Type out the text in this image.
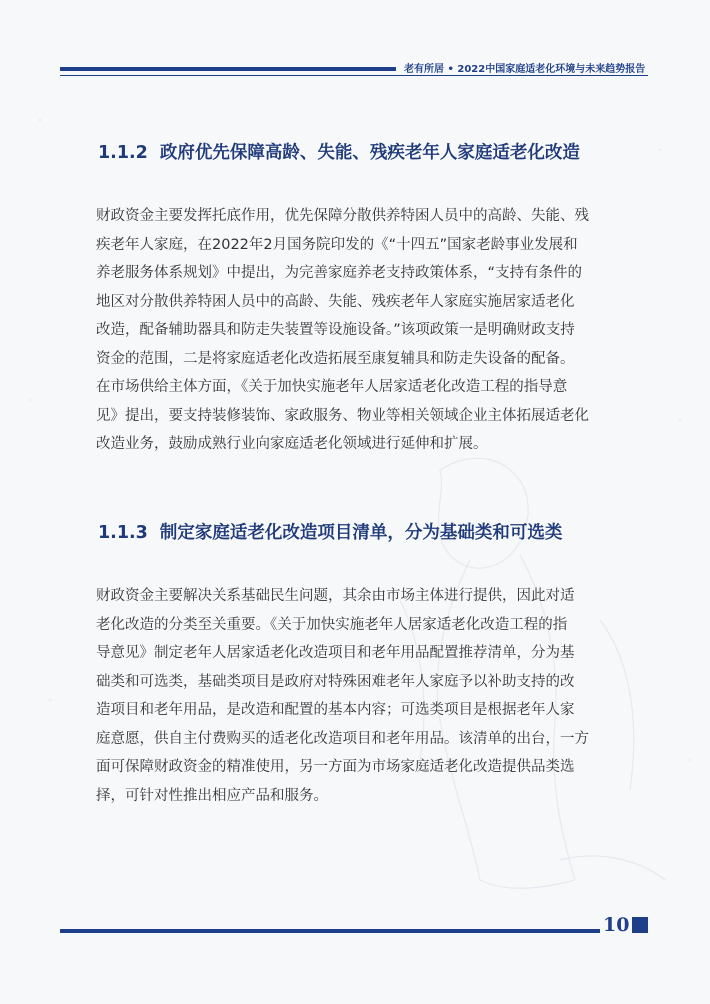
老有所居 • 2022中国家庭适老化环境与未来趋势报告
1.1.2 政府优先保障高龄、失能、残疾老年人家庭适老化改造
财政资金主要发挥托底作用，优先保障分散供养特困人员中的高龄、失能、残
疾老年人家庭，在2022年2月国务院印发的《“十四五”国家老龄事业发展和
养老服务体系规划》中提出，为完善家庭养老支持政策体系，“支持有条件的
地区对分散供养特困人员中的高龄、失能、残疾老年人家庭实施居家适老化
改造，配备辅助器具和防走失装置等设施设备。”该项政策一是明确财政支持
资金的范围，二是将家庭适老化改造拓展至康复辅具和防走失设备的配备。
在市场供给主体方面，《关于加快实施老年人居家适老化改造工程的指导意
见》提出，要支持装修装饰、家政服务、物业等相关领域企业主体拓展适老化
改造业务，鼓励成熟行业向家庭适老化领域进行延伸和扩展。
1.1.3 制定家庭适老化改造项目清单，分为基础类和可选类
财政资金主要解决关系基础民生问题，其余由市场主体进行提供，因此对适
老化改造的分类至关重要。《关于加快实施老年人居家适老化改造工程的指
导意见》制定老年人居家适老化改造项目和老年用品配置推荐清单，分为基
础类和可选类，基础类项目是政府对特殊困难老年人家庭予以补助支持的改
造项目和老年用品，是改造和配置的基本内容；可选类项目是根据老年人家
庭意愿，供自主付费购买的适老化改造项目和老年用品。该清单的出台，一方
面可保障财政资金的精准使用，另一方面为市场家庭适老化改造提供品类选
择，可针对性推出相应产品和服务。
10
